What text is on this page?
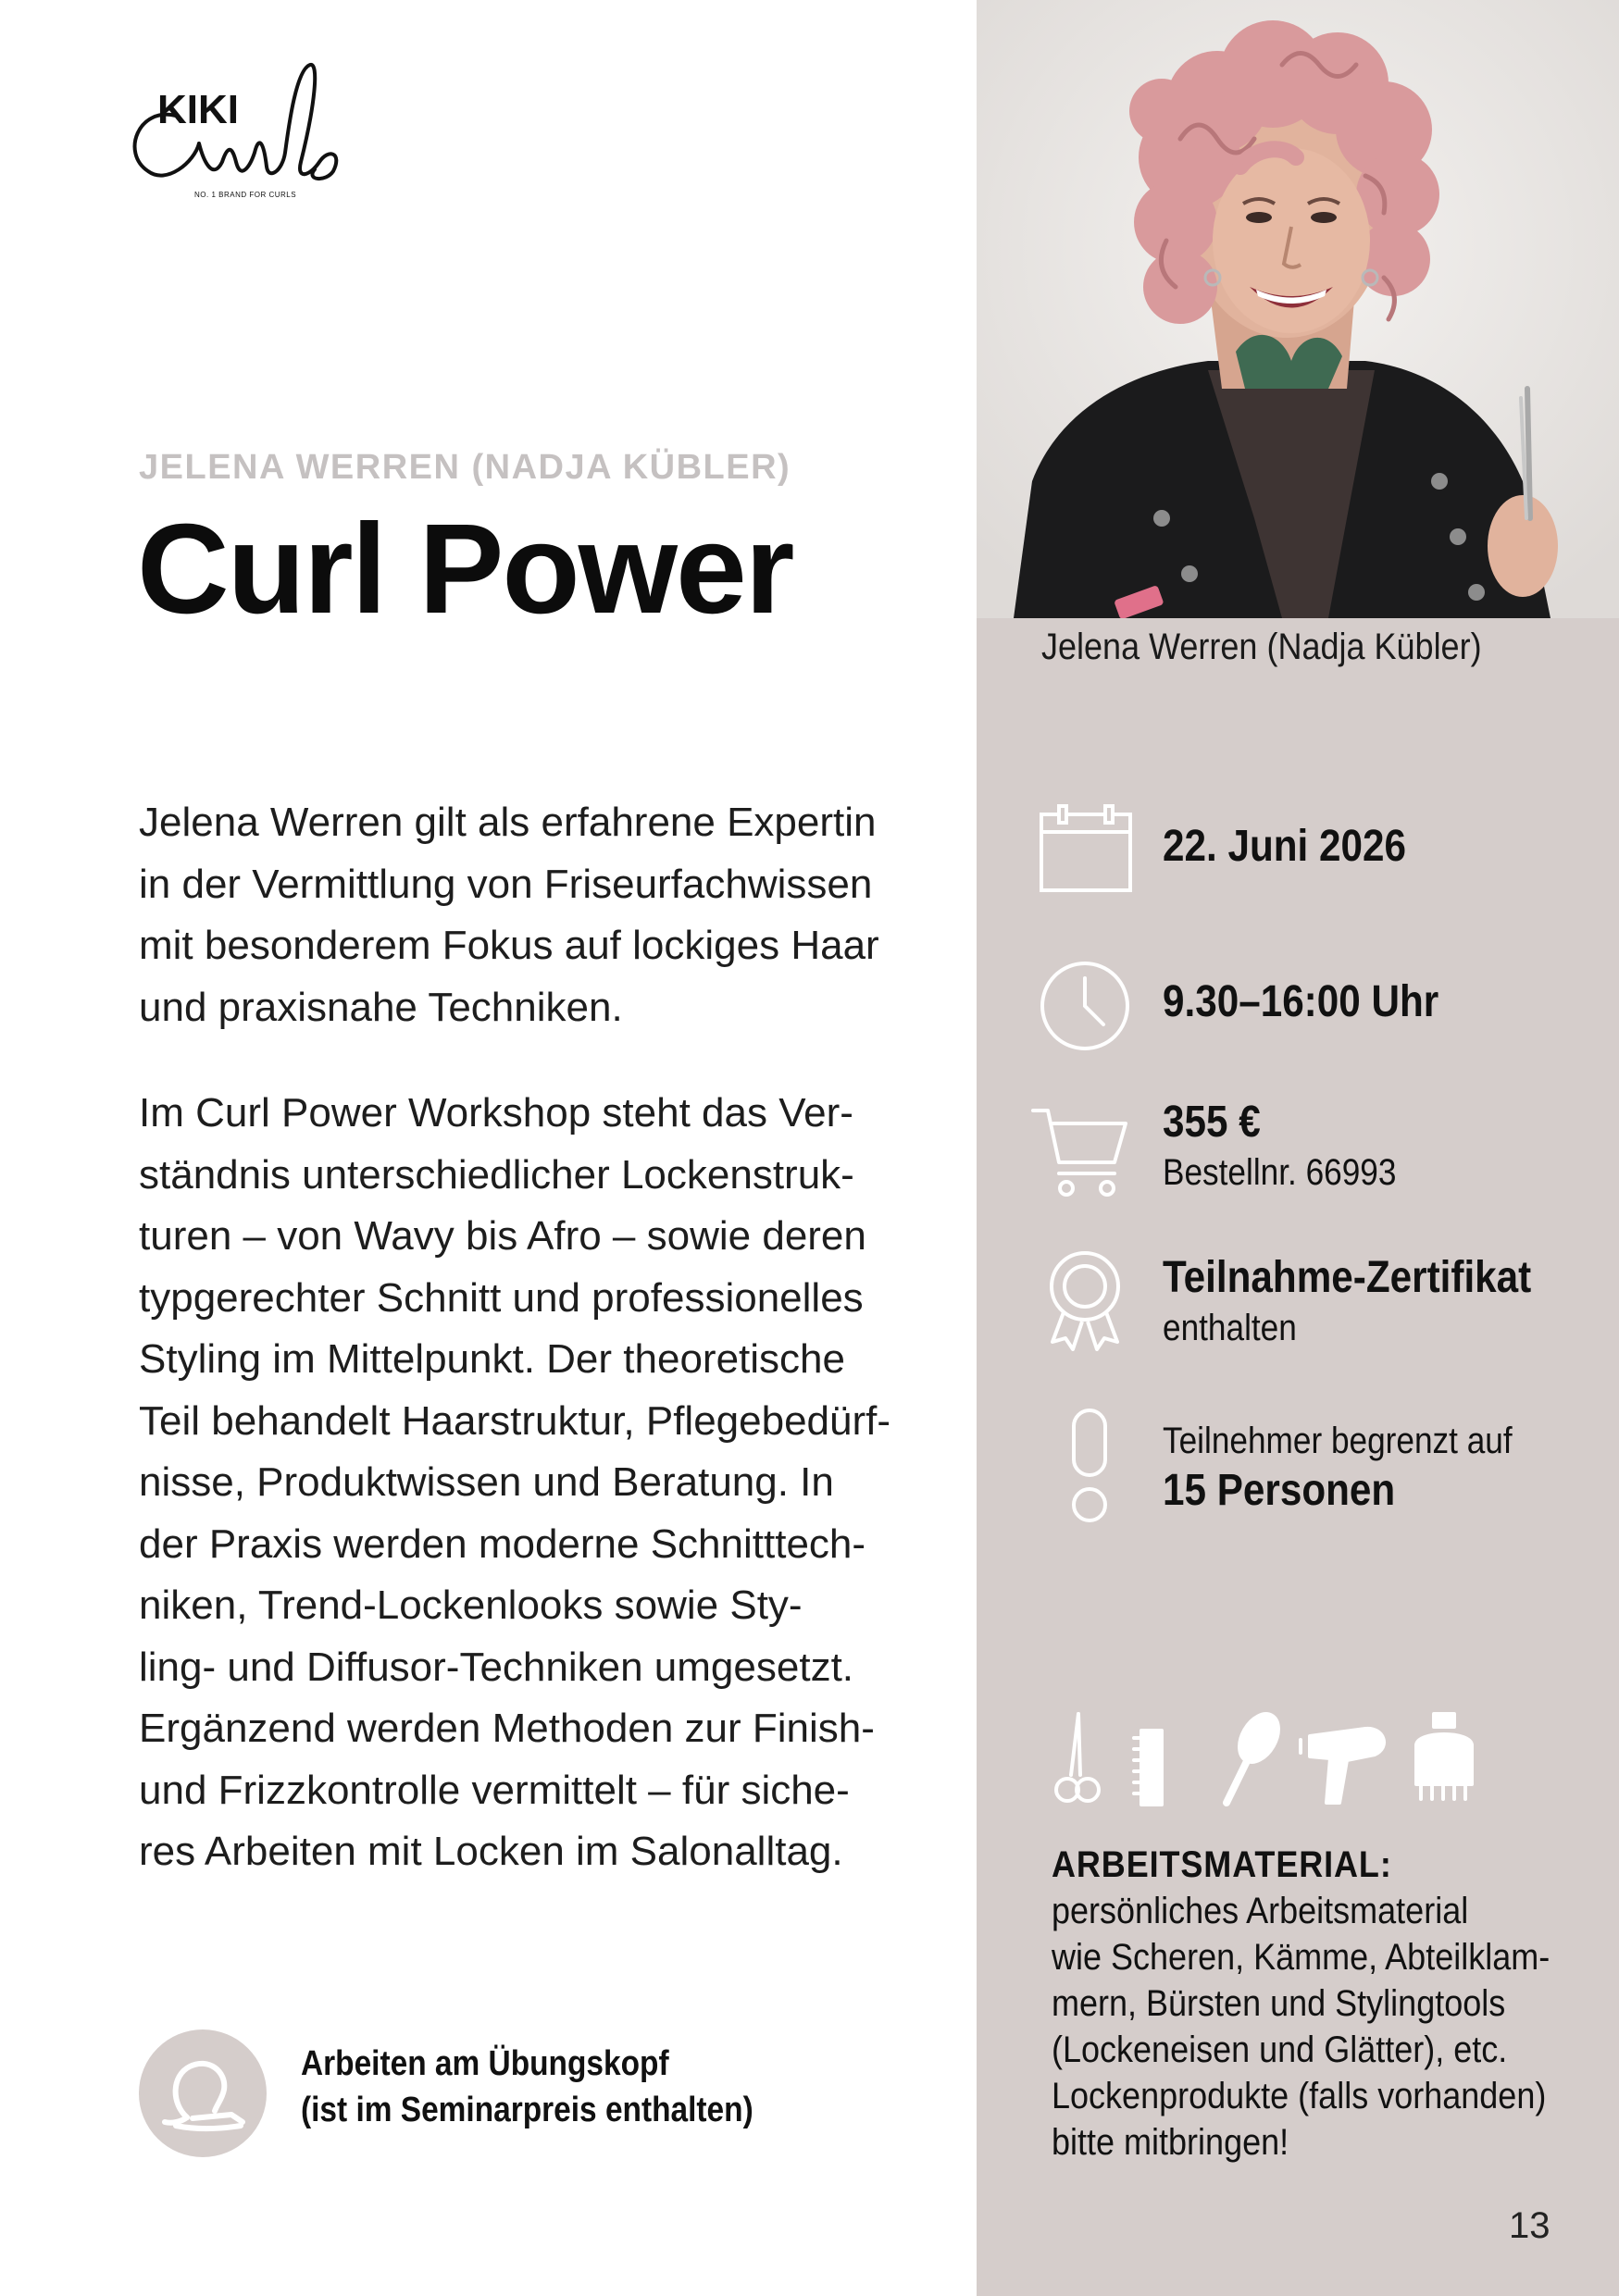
KIKI
NO. 1 BRAND FOR CURLS
JELENA WERREN (NADJA KÜBLER)
Curl Power
Jelena Werren gilt als erfahrene Expertin
in der Vermittlung von Friseurfachwissen
mit besonderem Fokus auf lockiges Haar
und praxisnahe Techniken.
Im Curl Power Workshop steht das Ver-
ständnis unterschiedlicher Lockenstruk-
turen – von Wavy bis Afro – sowie deren
typgerechter Schnitt und professionelles
Styling im Mittelpunkt. Der theoretische
Teil behandelt Haarstruktur, Pflegebedürf-
nisse, Produktwissen und Beratung. In
der Praxis werden moderne Schnitttech-
niken, Trend-Lockenlooks sowie Sty-
ling- und Diffusor-Techniken umgesetzt.
Ergänzend werden Methoden zur Finish-
und Frizzkontrolle vermittelt – für siche-
res Arbeiten mit Locken im Salonalltag.
Arbeiten am Übungskopf
(ist im Seminarpreis enthalten)
Jelena Werren (Nadja Kübler)
22. Juni 2026
9.30–16:00 Uhr
355 €
Bestellnr. 66993
Teilnahme-Zertifikat
enthalten
Teilnehmer begrenzt auf
15 Personen
ARBEITSMATERIAL:
persönliches Arbeitsmaterial
wie Scheren, Kämme, Abteilklam-
mern, Bürsten und Stylingtools
(Lockeneisen und Glätter), etc.
Lockenprodukte (falls vorhanden)
bitte mitbringen!
13
